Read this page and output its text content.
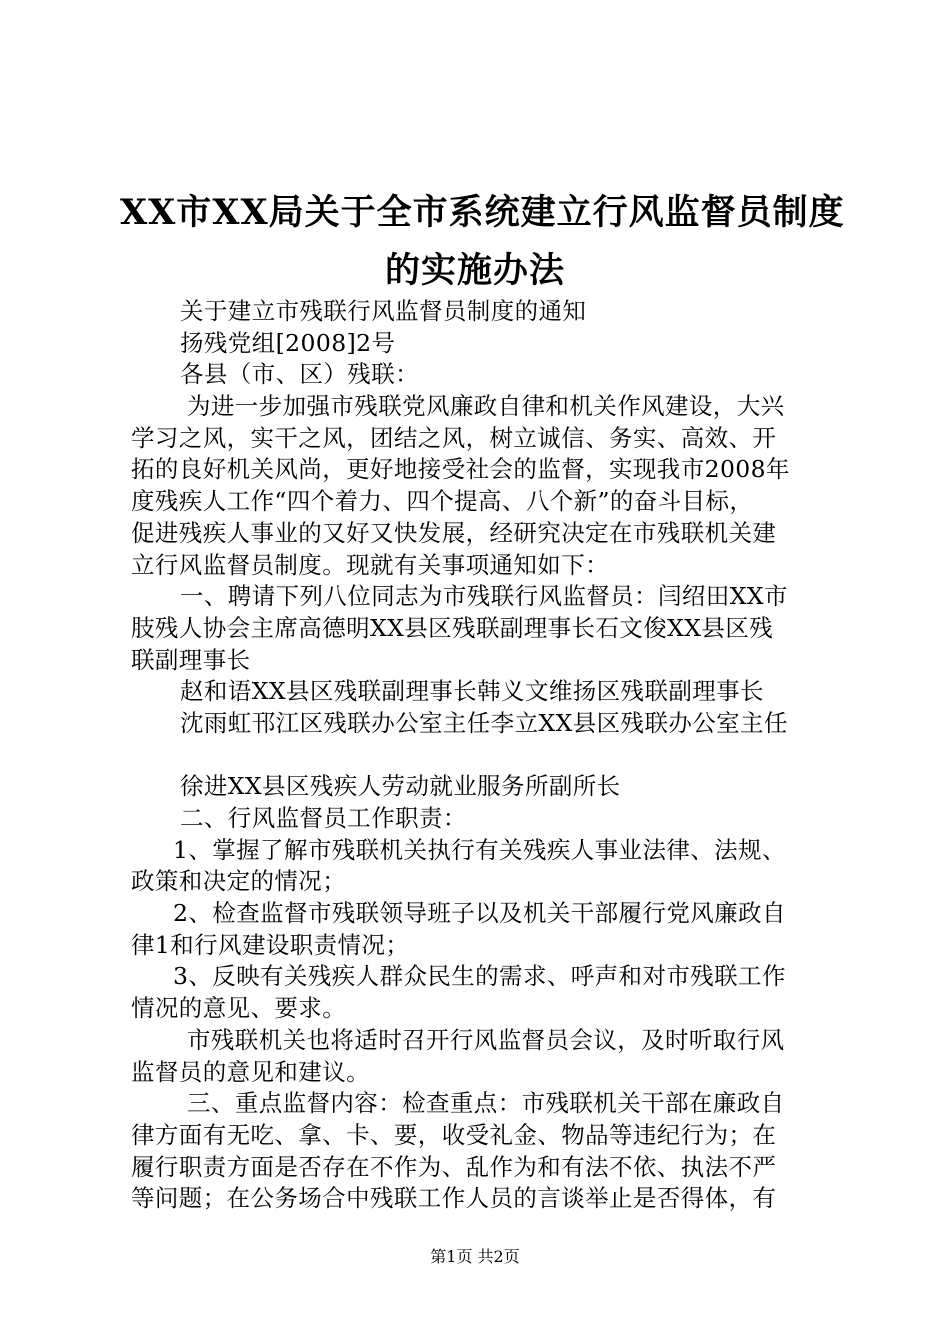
XX市XX局关于全市系统建立行风监督员制度
的实施办法
关于建立市残联行风监督员制度的通知
扬残党组[2008]2号
各县（市、区）残联：
为进一步加强市残联党风廉政自律和机关作风建设，大兴
学习之风，实干之风，团结之风，树立诚信、务实、高效、开
拓的良好机关风尚，更好地接受社会的监督，实现我市2008年
度残疾人工作“四个着力、四个提高、八个新”的奋斗目标，
促进残疾人事业的又好又快发展，经研究决定在市残联机关建
立行风监督员制度。现就有关事项通知如下：
一、聘请下列八位同志为市残联行风监督员：闫绍田XX市
肢残人协会主席高德明XX县区残联副理事长石文俊XX县区残
联副理事长
赵和语XX县区残联副理事长韩义文维扬区残联副理事长
沈雨虹邗江区残联办公室主任李立XX县区残联办公室主任
徐进XX县区残疾人劳动就业服务所副所长
二、行风监督员工作职责：
1、掌握了解市残联机关执行有关残疾人事业法律、法规、
政策和决定的情况；
2、检查监督市残联领导班子以及机关干部履行党风廉政自
律1和行风建设职责情况；
3、反映有关残疾人群众民生的需求、呼声和对市残联工作
情况的意见、要求。
市残联机关也将适时召开行风监督员会议，及时听取行风
监督员的意见和建议。
三、重点监督内容：检查重点：市残联机关干部在廉政自
律方面有无吃、拿、卡、要，收受礼金、物品等违纪行为；在
履行职责方面是否存在不作为、乱作为和有法不依、执法不严
等问题；在公务场合中残联工作人员的言谈举止是否得体，有
第1页 共2页
